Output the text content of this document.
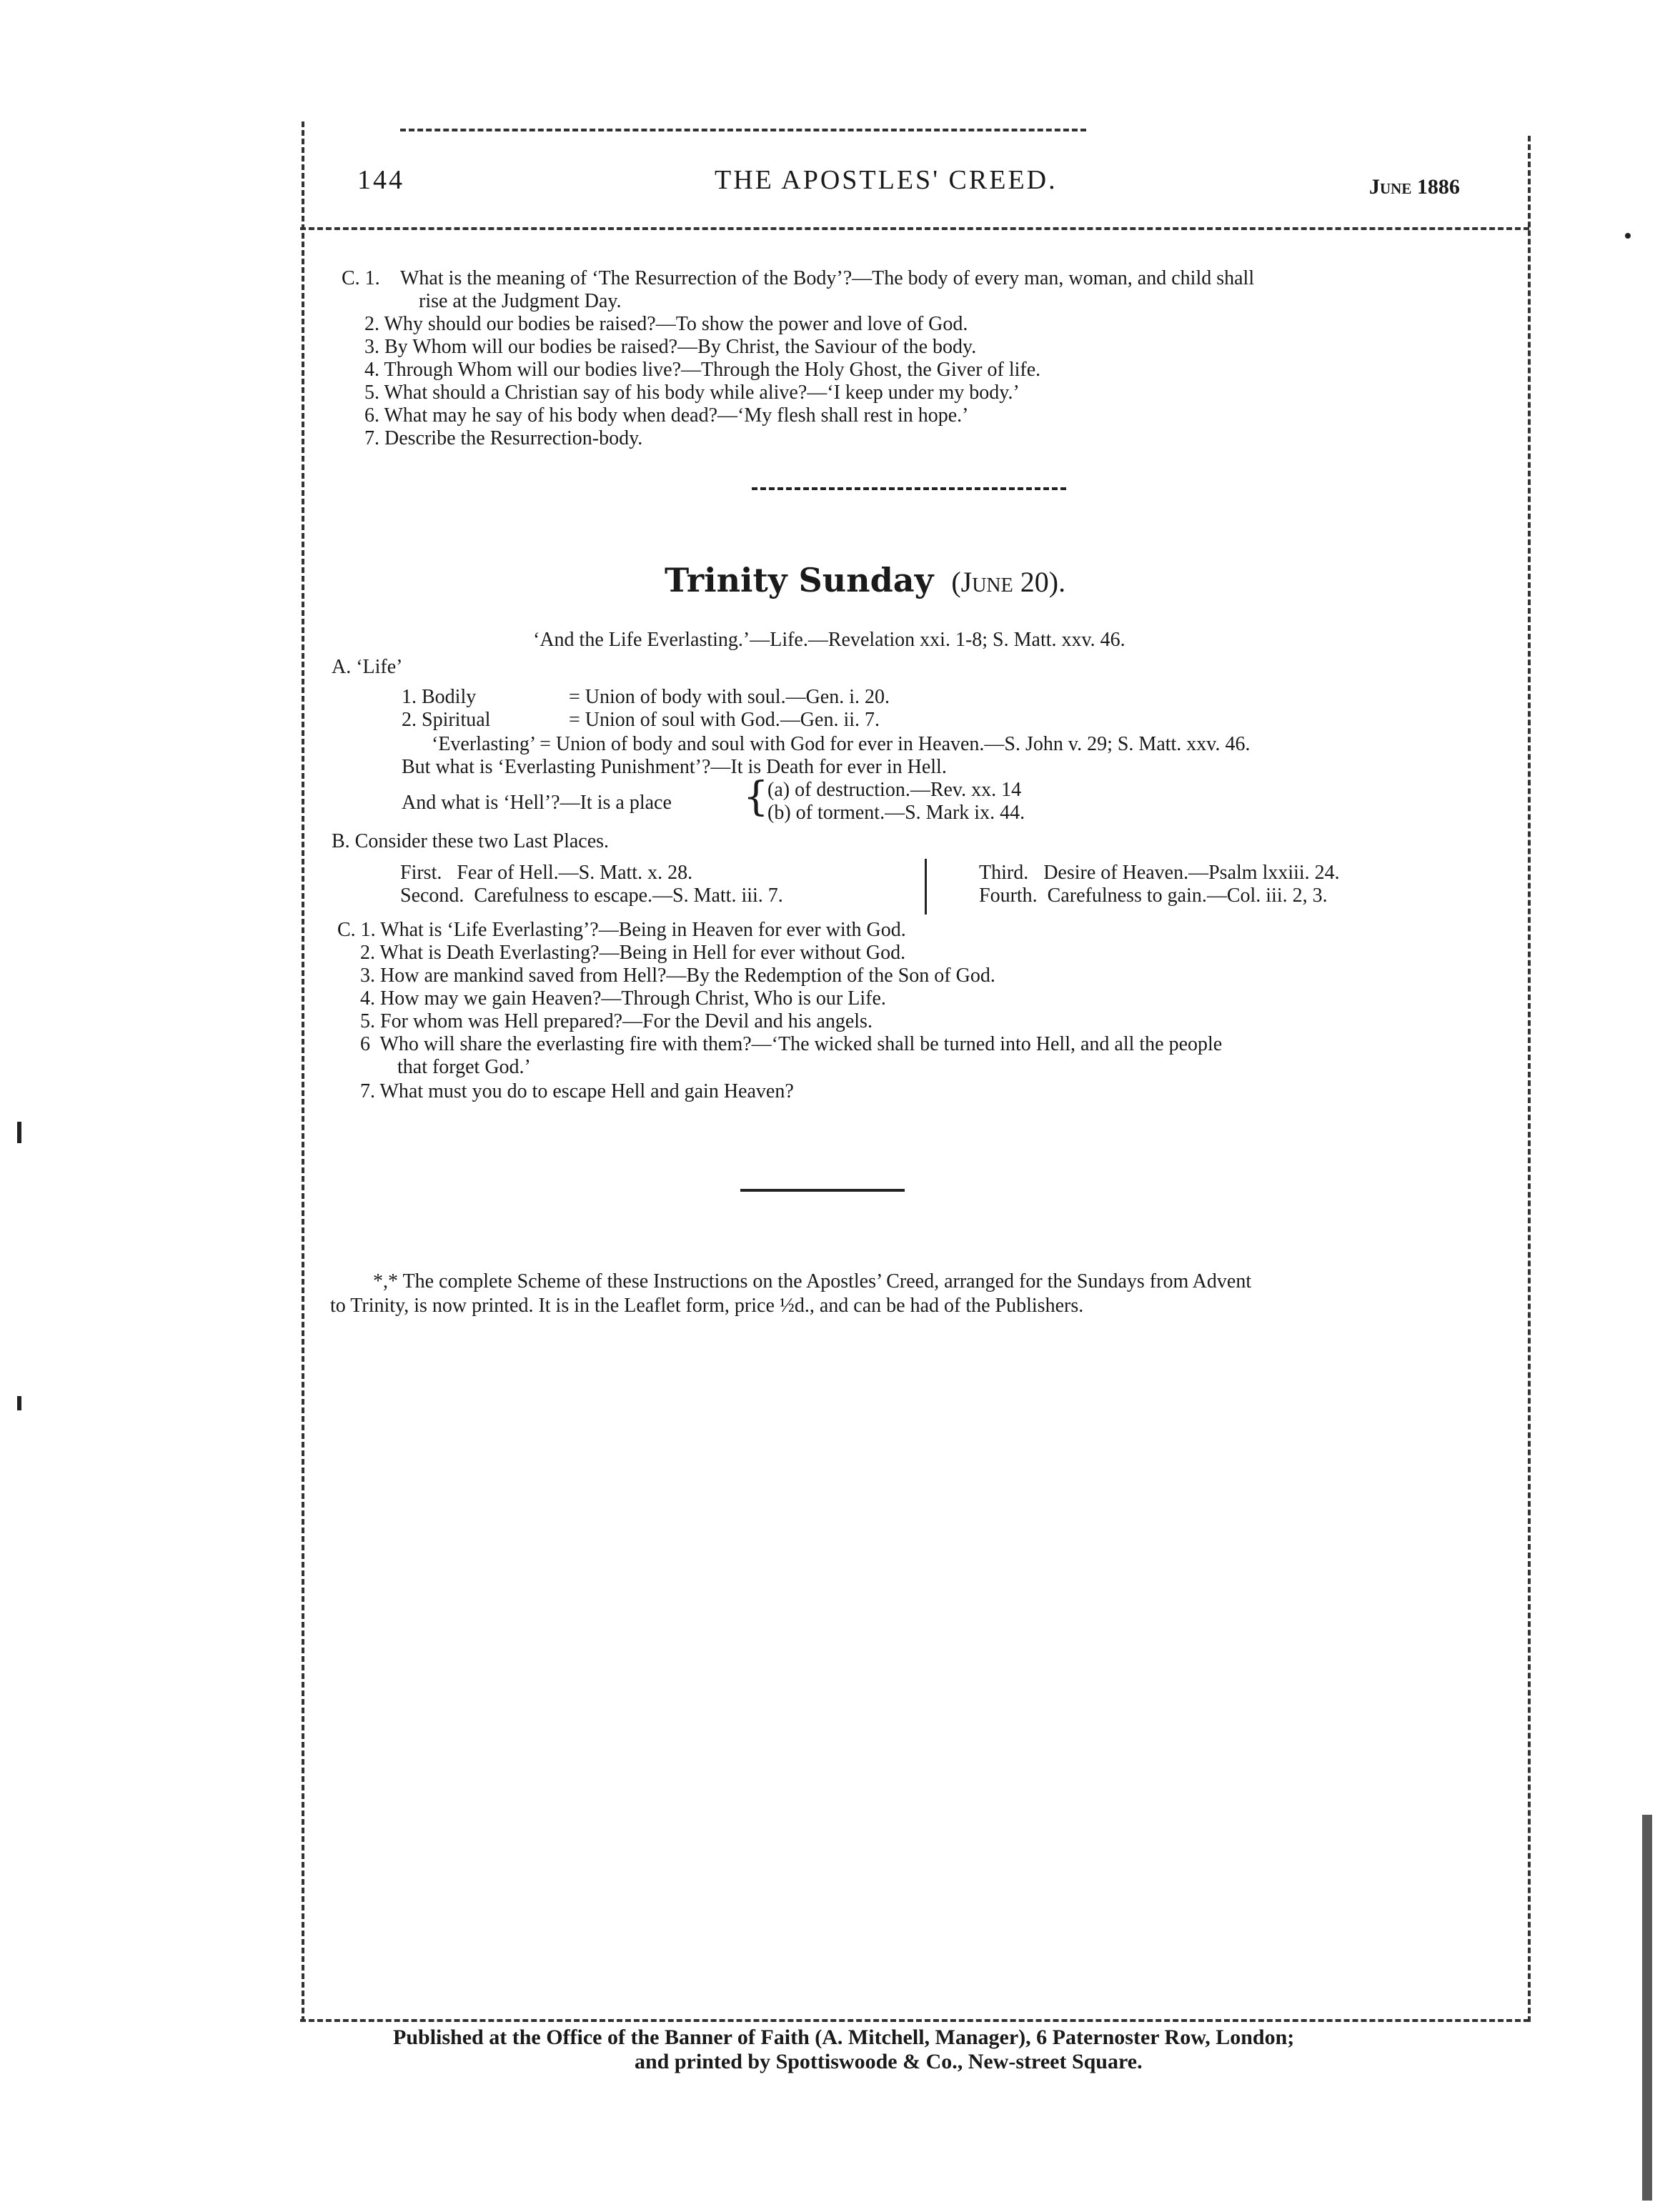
144	THE APOSTLES' CREED.	June 1886
C. 1. What is the meaning of ‘The Resurrection of the Body’?—The body of every man, woman, and child shall
rise at the Judgment Day.
2. Why should our bodies be raised?—To show the power and love of God.
3. By Whom will our bodies be raised?—By Christ, the Saviour of the body.
4. Through Whom will our bodies live?—Through the Holy Ghost, the Giver of life.
5. What should a Christian say of his body while alive?—‘I keep under my body.’
6. What may he say of his body when dead?—‘My flesh shall rest in hope.’
7. Describe the Resurrection-body.
Trinity Sunday (June 20).
‘And the Life Everlasting.’—Life.—Revelation xxi. 1-8; S. Matt. xxv. 46.
A. ‘Life’
1. Bodily	= Union of body with soul.—Gen. i. 20.
2. Spiritual	= Union of soul with God.—Gen. ii. 7.
‘Everlasting’ = Union of body and soul with God for ever in Heaven.—S. John v. 29; S. Matt. xxv. 46.
But what is ‘Everlasting Punishment’?—It is Death for ever in Hell.
And what is ‘Hell’?—It is a place {
(a) of destruction.—Rev. xx. 14
(b) of torment.—S. Mark ix. 44.
B. Consider these two Last Places.
First.   Fear of Hell.—S. Matt. x. 28.
Second.  Carefulness to escape.—S. Matt. iii. 7.
Third.   Desire of Heaven.—Psalm lxxiii. 24.
Fourth.  Carefulness to gain.—Col. iii. 2, 3.
C. 1. What is ‘Life Everlasting’?—Being in Heaven for ever with God.
2. What is Death Everlasting?—Being in Hell for ever without God.
3. How are mankind saved from Hell?—By the Redemption of the Son of God.
4. How may we gain Heaven?—Through Christ, Who is our Life.
5. For whom was Hell prepared?—For the Devil and his angels.
6  Who will share the everlasting fire with them?—‘The wicked shall be turned into Hell, and all the people
that forget God.’
7. What must you do to escape Hell and gain Heaven?
*,* The complete Scheme of these Instructions on the Apostles’ Creed, arranged for the Sundays from Advent
to Trinity, is now printed. It is in the Leaflet form, price ½d., and can be had of the Publishers.
Published at the Office of the Banner of Faith (A. Mitchell, Manager), 6 Paternoster Row, London;
and printed by Spottiswoode & Co., New-street Square.
